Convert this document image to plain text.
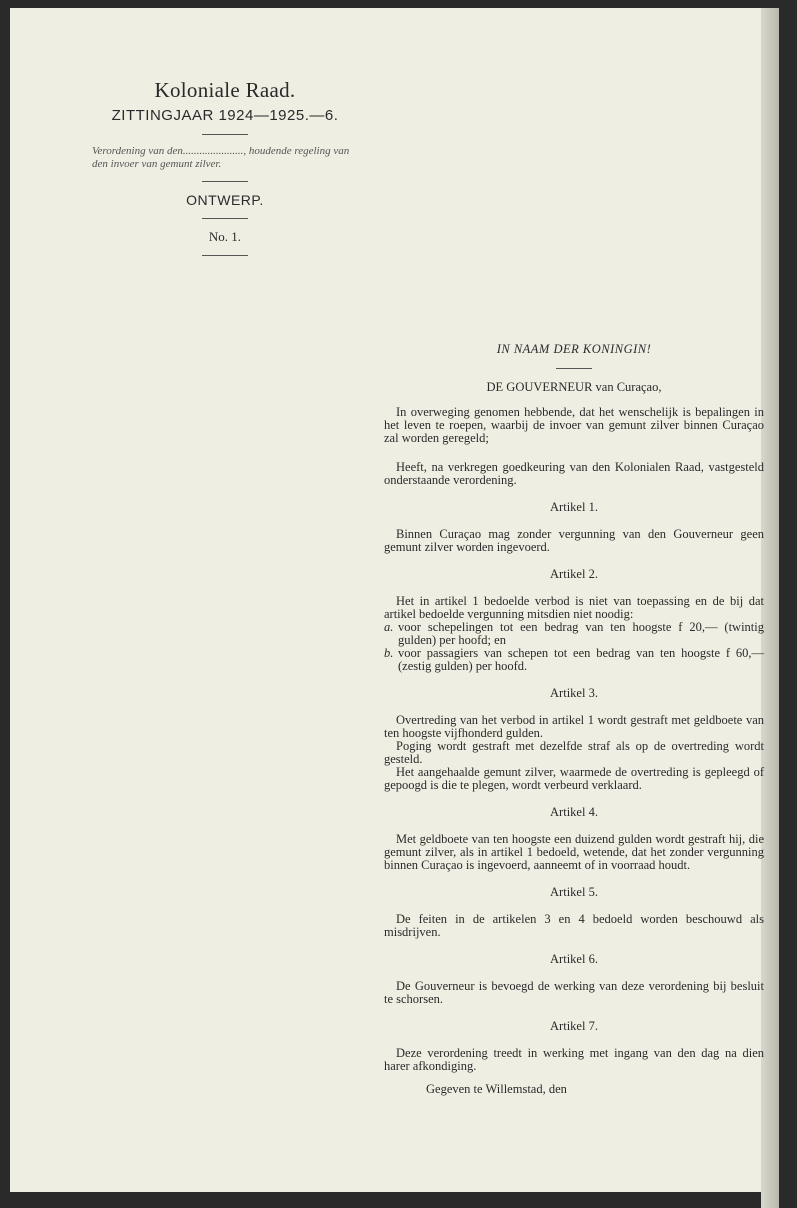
Koloniale Raad.
ZITTINGJAAR 1924—1925.—6.
Verordening van den......................, houdende regeling van den invoer van gemunt zilver.
ONTWERP.
No. 1.
IN NAAM DER KONINGIN!
DE GOUVERNEUR van Curaçao,
In overweging genomen hebbende, dat het wenschelijk is bepalingen in het leven te roepen, waarbij de invoer van gemunt zilver binnen Curaçao zal worden geregeld;
Heeft, na verkregen goedkeuring van den Kolonialen Raad, vastgesteld onderstaande verordening.
Artikel 1.
Binnen Curaçao mag zonder vergunning van den Gouverneur geen gemunt zilver worden ingevoerd.
Artikel 2.
Het in artikel 1 bedoelde verbod is niet van toepassing en de bij dat artikel bedoelde vergunning mitsdien niet noodig:
a. voor schepelingen tot een bedrag van ten hoogste f 20,— (twintig gulden) per hoofd; en
b. voor passagiers van schepen tot een bedrag van ten hoogste f 60,— (zestig gulden) per hoofd.
Artikel 3.
Overtreding van het verbod in artikel 1 wordt gestraft met geldboete van ten hoogste vijfhonderd gulden.
Poging wordt gestraft met dezelfde straf als op de overtreding wordt gesteld.
Het aangehaalde gemunt zilver, waarmede de overtreding is gepleegd of gepoogd is die te plegen, wordt verbeurd verklaard.
Artikel 4.
Met geldboete van ten hoogste een duizend gulden wordt gestraft hij, die gemunt zilver, als in artikel 1 bedoeld, wetende, dat het zonder vergunning binnen Curaçao is ingevoerd, aanneemt of in voorraad houdt.
Artikel 5.
De feiten in de artikelen 3 en 4 bedoeld worden beschouwd als misdrijven.
Artikel 6.
De Gouverneur is bevoegd de werking van deze verordening bij besluit te schorsen.
Artikel 7.
Deze verordening treedt in werking met ingang van den dag na dien harer afkondiging.
Gegeven te Willemstad, den
